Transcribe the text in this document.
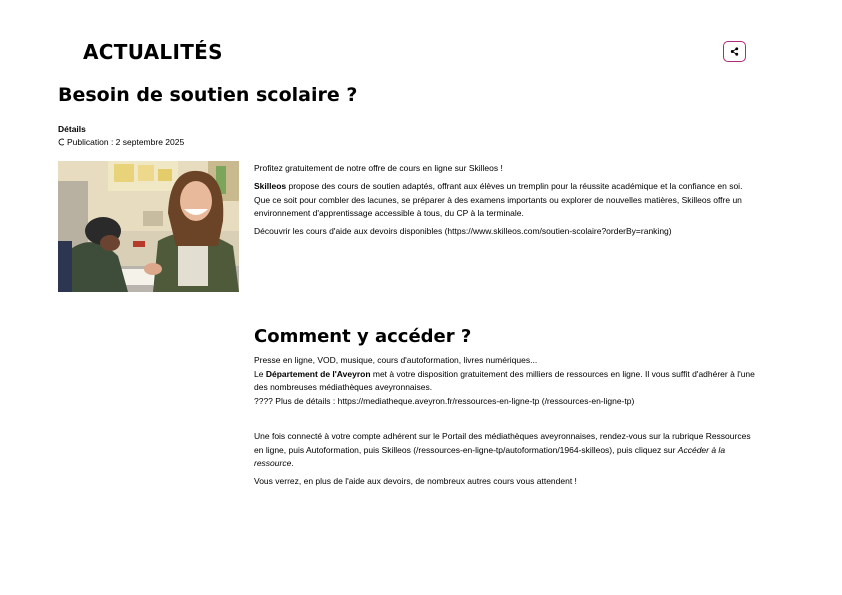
ACTUALITÉS
Besoin de soutien scolaire ?
Détails
Publication : 2 septembre 2025

Profitez gratuitement de notre offre de cours en ligne sur Skilleos !

Skilleos propose des cours de soutien adaptés, offrant aux élèves un tremplin pour la réussite académique et la confiance en soi.
Que ce soit pour combler des lacunes, se préparer à des examens importants ou explorer de nouvelles matières, Skilleos offre un
environnement d'apprentissage accessible à tous, du CP à la terminale.

Découvrir les cours d'aide aux devoirs disponibles (https://www.skilleos.com/soutien-scolaire?orderBy=ranking)

Comment y accéder ?

Presse en ligne, VOD, musique, cours d'autoformation, livres numériques...
Le Département de l'Aveyron met à votre disposition gratuitement des milliers de ressources en ligne. Il vous suffit d'adhérer à l'une
des nombreuses médiathèques aveyronnaises.
???? Plus de détails : https://mediatheque.aveyron.fr/ressources-en-ligne-tp (/ressources-en-ligne-tp)

Une fois connecté à votre compte adhérent sur le Portail des médiathèques aveyronnaises, rendez-vous sur la rubrique Ressources
en ligne, puis Autoformation, puis Skilleos (/ressources-en-ligne-tp/autoformation/1964-skilleos), puis cliquez sur Accéder à la
ressource.

Vous verrez, en plus de l'aide aux devoirs, de nombreux autres cours vous attendent !
